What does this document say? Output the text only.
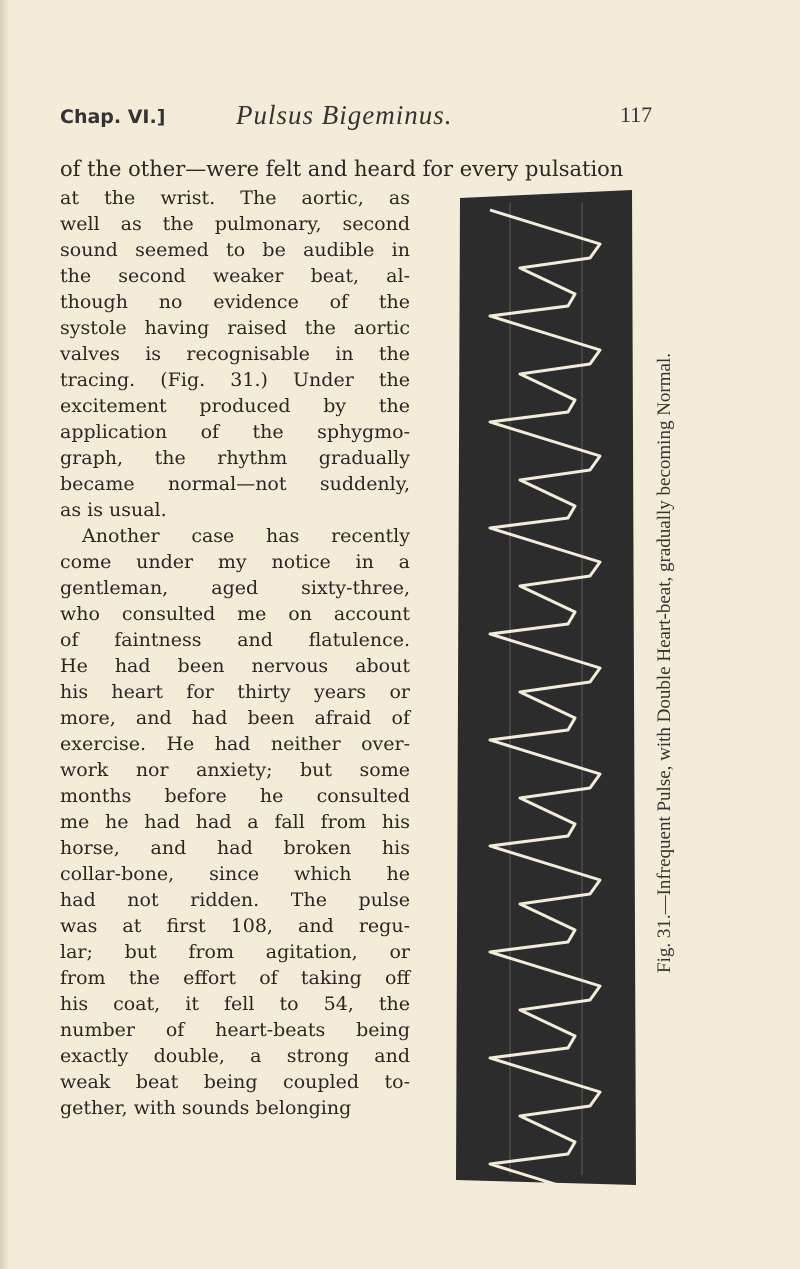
Chap. VI.]	Pulsus Bigeminus.	117
of the other—were felt and heard for every pulsation
at the wrist. The aortic, as
well as the pulmonary, second
sound seemed to be audible in
the second weaker beat, al-
though no evidence of the
systole having raised the aortic
valves is recognisable in the
tracing. (Fig. 31.) Under the
excitement produced by the
application of the sphygmo-
graph, the rhythm gradually
became normal—not suddenly,
as is usual.
Another case has recently
come under my notice in a
gentleman, aged sixty-three,
who consulted me on account
of faintness and flatulence.
He had been nervous about
his heart for thirty years or
more, and had been afraid of
exercise. He had neither over-
work nor anxiety; but some
months before he consulted
me he had had a fall from his
horse, and had broken his
collar-bone, since which he
had not ridden. The pulse
was at first 108, and regu-
lar; but from agitation, or
from the effort of taking off
his coat, it fell to 54, the
number of heart-beats being
exactly double, a strong and
weak beat being coupled to-
gether, with sounds belonging
Fig. 31.—Infrequent Pulse, with Double Heart-beat, gradually becoming Normal.
